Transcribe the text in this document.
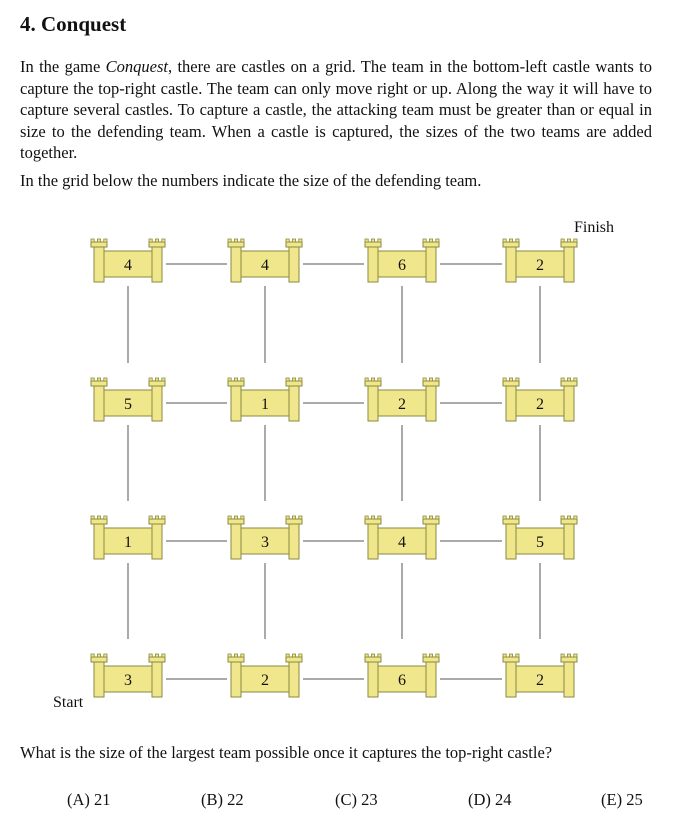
4. Conquest

In the game Conquest, there are castles on a grid. The team in the bottom-left castle wants to capture the top-right castle. The team can only move right or up. Along the way it will have to capture several castles. To capture a castle, the attacking team must be greater than or equal in size to the defending team. When a castle is captured, the sizes of the two teams are added together.

In the grid below the numbers indicate the size of the defending team.

Finish
Start
4	4	6	2
5	1	2	2
1	3	4	5
3	2	6	2
What is the size of the largest team possible once it captures the top-right castle?
(A) 21	(B) 22	(C) 23	(D) 24	(E) 25
